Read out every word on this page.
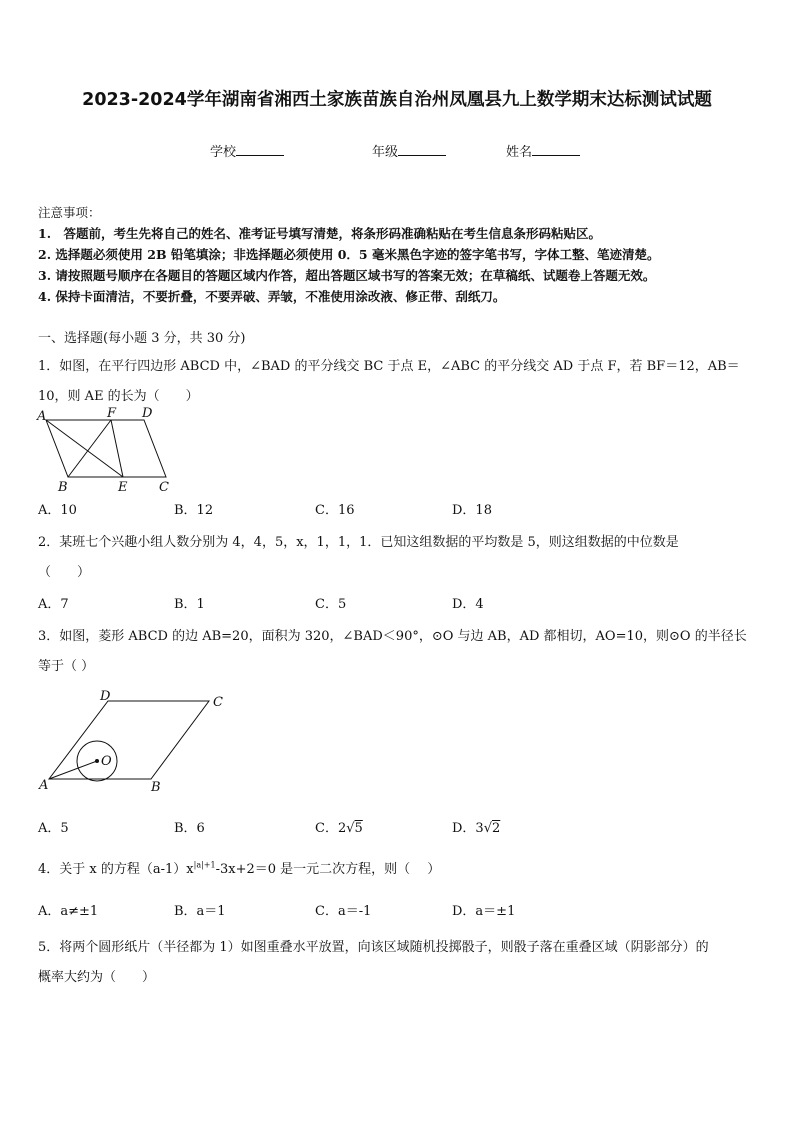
2023-2024学年湖南省湘西土家族苗族自治州凤凰县九上数学期末达标测试试题
学校	年级	姓名
注意事项：
1.　答题前，考生先将自己的姓名、准考证号填写清楚，将条形码准确粘贴在考生信息条形码粘贴区。
2. 选择题必须使用 2B 铅笔填涂；非选择题必须使用 0．5 毫米黑色字迹的签字笔书写，字体工整、笔迹清楚。
3. 请按照题号顺序在各题目的答题区域内作答，超出答题区域书写的答案无效；在草稿纸、试题卷上答题无效。
4. 保持卡面清洁，不要折叠，不要弄破、弄皱，不准使用涂改液、修正带、刮纸刀。
一、选择题(每小题 3 分，共 30 分)
1．如图，在平行四边形 ABCD 中，∠BAD 的平分线交 BC 于点 E，∠ABC 的平分线交 AD 于点 F，若 BF＝12，AB＝
10，则 AE 的长为（　　）
A	F D
B	E C
A．10	B．12	C．16	D．18
2．某班七个兴趣小组人数分别为 4，4，5，x，1，1，1．已知这组数据的平均数是 5，则这组数据的中位数是
（　　）
A．7	B．1	C．5	D．4
3．如图，菱形 ABCD 的边 AB=20，面积为 320，∠BAD＜90°，⊙O 与边 AB，AD 都相切，AO=10，则⊙O 的半径长
等于（ ）
D	C
O
A	B
A．5	B．6	C．2√5	D．3√2
4．关于 x 的方程$(a-1)x^{|a|+1}-3x+2=0$ 是一元二次方程，则（　 ）
A．a≠±1	B．a＝1	C．a＝-1	D．a＝±1
5．将两个圆形纸片（半径都为 1）如图重叠水平放置，向该区域随机投掷骰子，则骰子落在重叠区域（阴影部分）的
概率大约为（　　）
